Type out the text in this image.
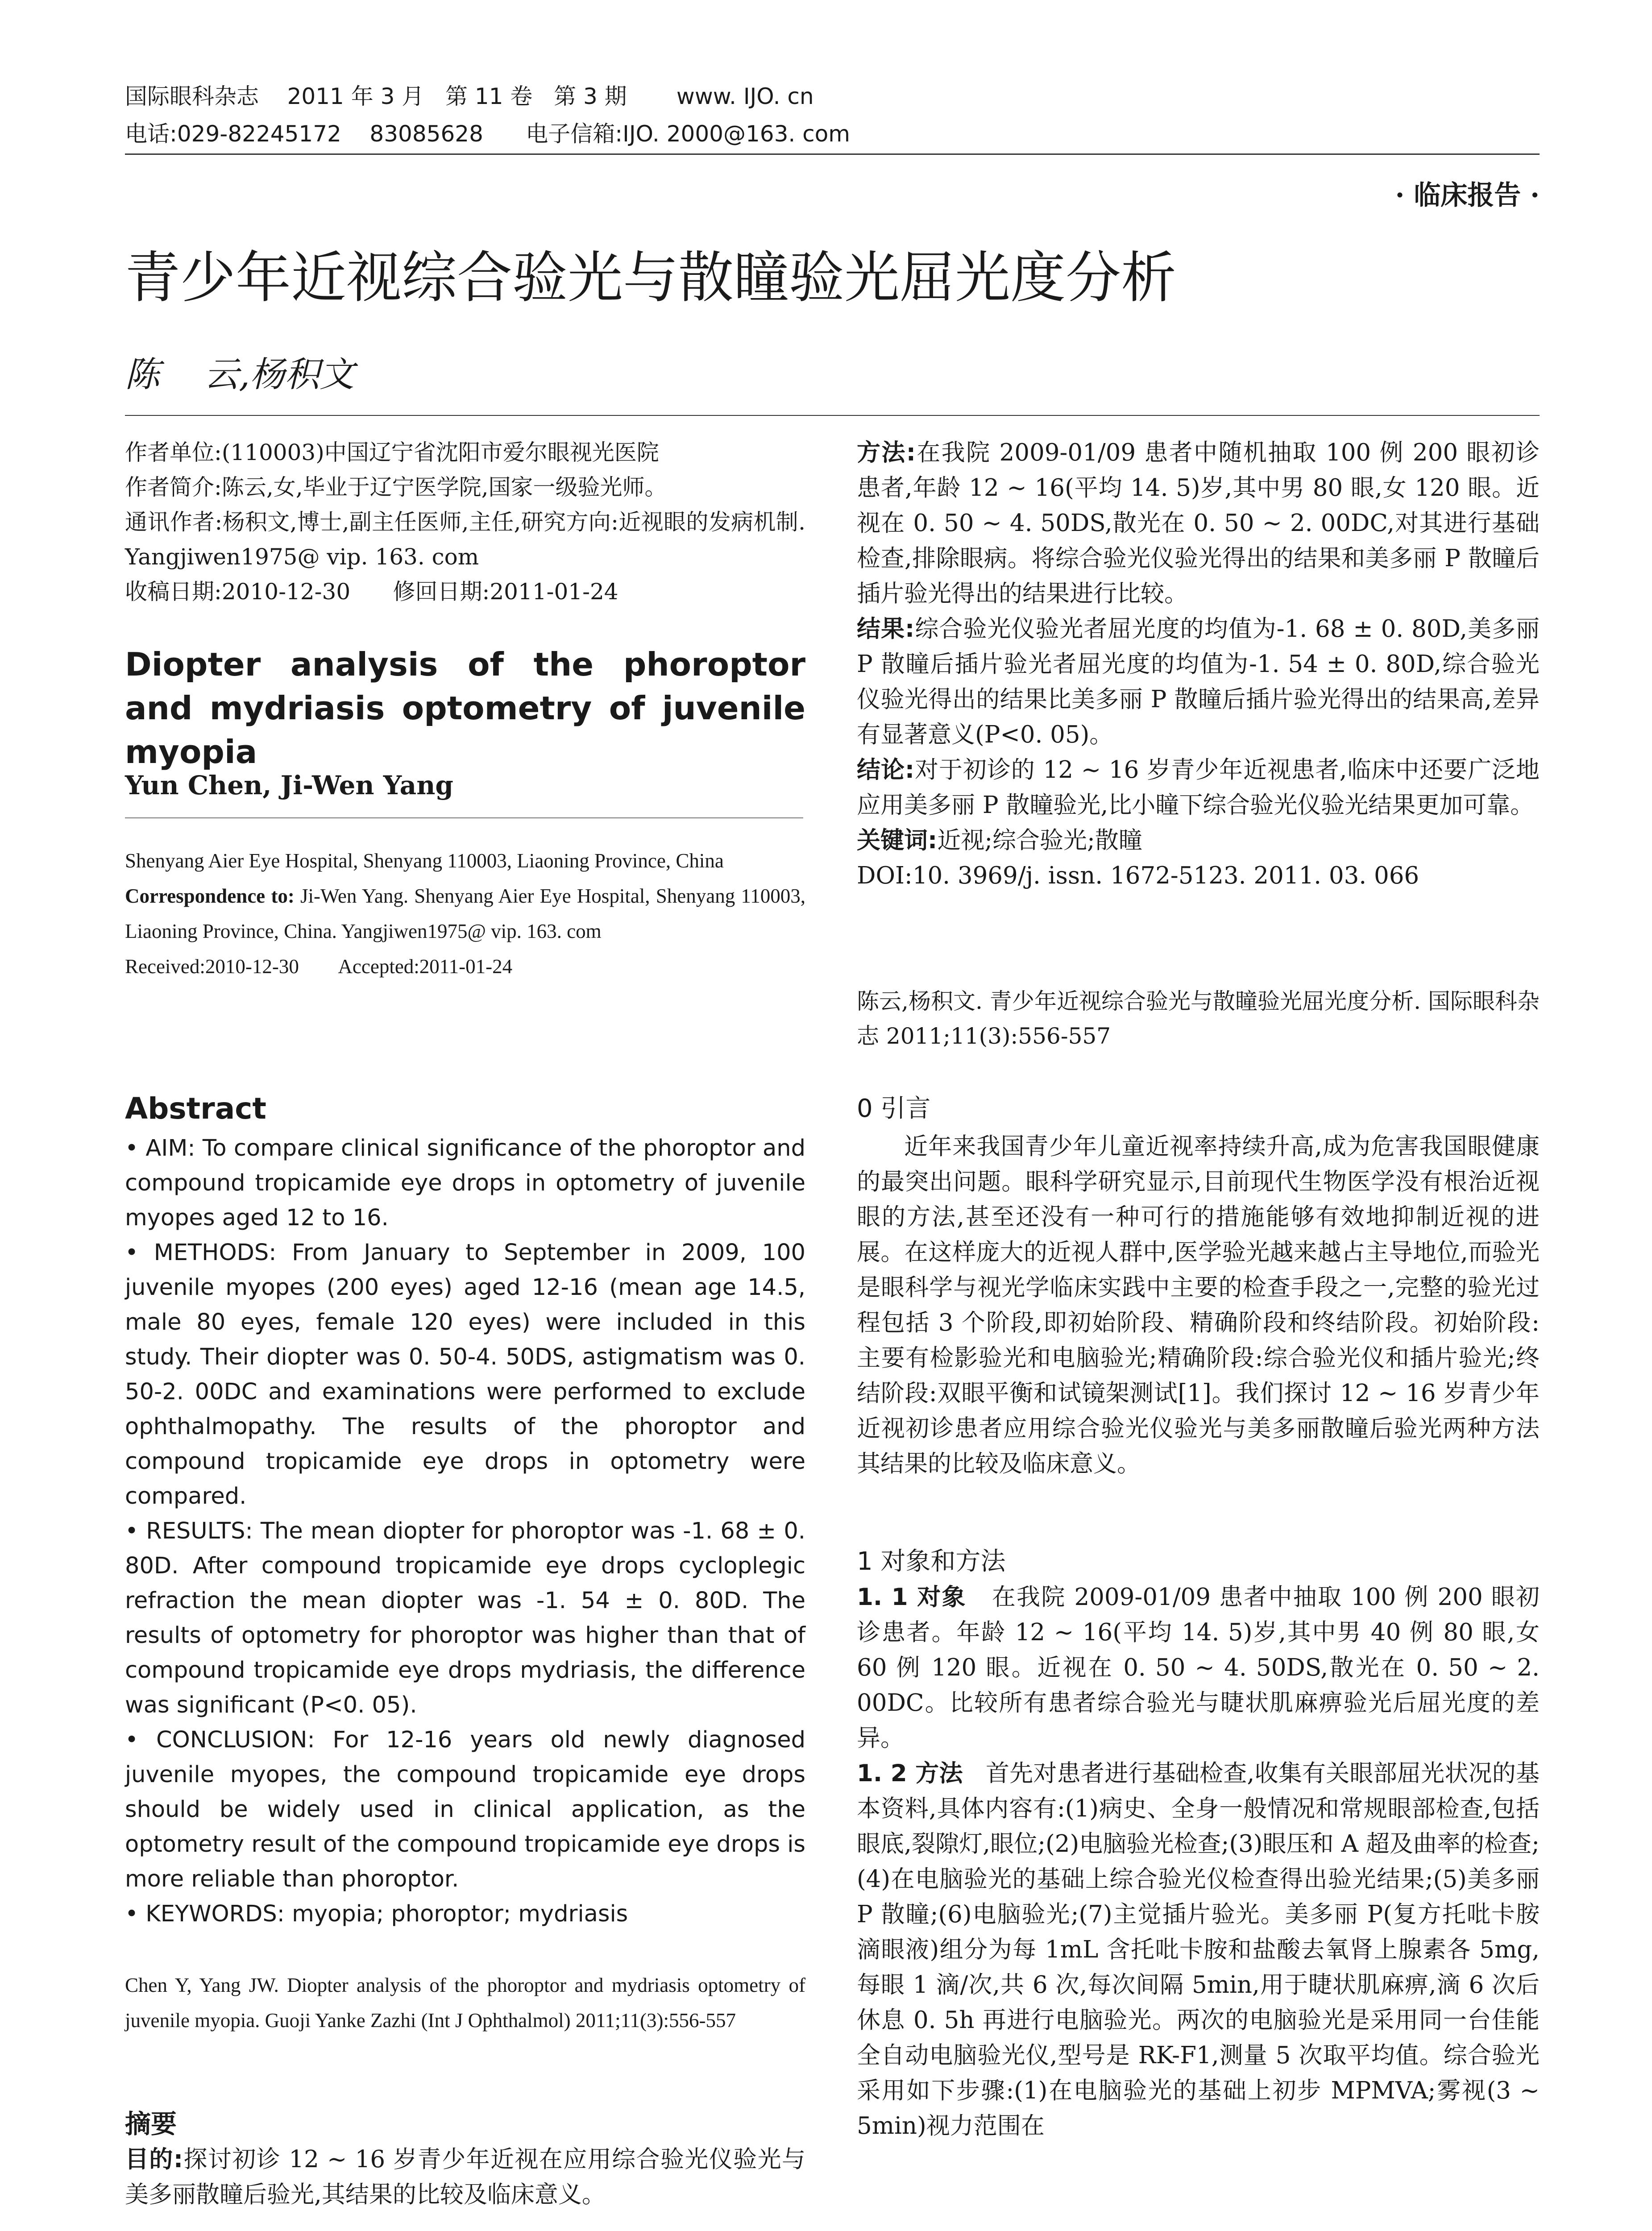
国际眼科杂志    2011 年 3 月   第 11 卷   第 3 期       www. IJO. cn
电话:029-82245172    83085628      电子信箱:IJO. 2000@163. com
· 临床报告 ·
青少年近视综合验光与散瞳验光屈光度分析
陈    云,杨积文

作者单位:(110003)中国辽宁省沈阳市爱尔眼视光医院

作者简介:陈云,女,毕业于辽宁医学院,国家一级验光师。

通讯作者:杨积文,博士,副主任医师,主任,研究方向:近视眼的发病机制. Yangjiwen1975@ vip. 163. com

收稿日期:2010-12-30      修回日期:2011-01-24

Diopter analysis of the phoroptor and mydriasis optometry of juvenile myopia
Yun Chen, Ji-Wen Yang

Shenyang Aier Eye Hospital, Shenyang 110003, Liaoning Province, China

Correspondence to: Ji-Wen Yang. Shenyang Aier Eye Hospital, Shenyang 110003, Liaoning Province, China. Yangjiwen1975@ vip. 163. com

Received:2010-12-30        Accepted:2011-01-24

Abstract

• AIM: To compare clinical significance of the phoroptor and compound tropicamide eye drops in optometry of juvenile myopes aged 12 to 16.

• METHODS: From January to September in 2009, 100 juvenile myopes (200 eyes) aged 12-16 (mean age 14.5, male 80 eyes, female 120 eyes) were included in this study. Their diopter was 0. 50-4. 50DS, astigmatism was 0. 50-2. 00DC and examinations were performed to exclude ophthalmopathy. The results of the phoroptor and compound tropicamide eye drops in optometry were compared.

• RESULTS: The mean diopter for phoroptor was -1. 68 ± 0. 80D. After compound tropicamide eye drops cycloplegic refraction the mean diopter was -1. 54 ± 0. 80D. The results of optometry for phoroptor was higher than that of compound tropicamide eye drops mydriasis, the difference was significant (P<0. 05).

• CONCLUSION: For 12-16 years old newly diagnosed juvenile myopes, the compound tropicamide eye drops should be widely used in clinical application, as the optometry result of the compound tropicamide eye drops is more reliable than phoroptor.

• KEYWORDS: myopia; phoroptor; mydriasis

Chen Y, Yang JW. Diopter analysis of the phoroptor and mydriasis optometry of juvenile myopia. Guoji Yanke Zazhi (Int J Ophthalmol) 2011;11(3):556-557
摘要

目的:探讨初诊 12 ~ 16 岁青少年近视在应用综合验光仪验光与美多丽散瞳后验光,其结果的比较及临床意义。

方法:在我院 2009-01/09 患者中随机抽取 100 例 200 眼初诊患者,年龄 12 ~ 16(平均 14. 5)岁,其中男 80 眼,女 120 眼。近视在 0. 50 ~ 4. 50DS,散光在 0. 50 ~ 2. 00DC,对其进行基础检查,排除眼病。将综合验光仪验光得出的结果和美多丽 P 散瞳后插片验光得出的结果进行比较。

结果:综合验光仪验光者屈光度的均值为-1. 68 ± 0. 80D,美多丽 P 散瞳后插片验光者屈光度的均值为-1. 54 ± 0. 80D,综合验光仪验光得出的结果比美多丽 P 散瞳后插片验光得出的结果高,差异有显著意义(P<0. 05)。

结论:对于初诊的 12 ~ 16 岁青少年近视患者,临床中还要广泛地应用美多丽 P 散瞳验光,比小瞳下综合验光仪验光结果更加可靠。

关键词:近视;综合验光;散瞳

DOI:10. 3969/j. issn. 1672-5123. 2011. 03. 066

陈云,杨积文. 青少年近视综合验光与散瞳验光屈光度分析. 国际眼科杂志 2011;11(3):556-557
0 引言
近年来我国青少年儿童近视率持续升高,成为危害我国眼健康的最突出问题。眼科学研究显示,目前现代生物医学没有根治近视眼的方法,甚至还没有一种可行的措施能够有效地抑制近视的进展。在这样庞大的近视人群中,医学验光越来越占主导地位,而验光是眼科学与视光学临床实践中主要的检查手段之一,完整的验光过程包括 3 个阶段,即初始阶段、精确阶段和终结阶段。初始阶段:主要有检影验光和电脑验光;精确阶段:综合验光仪和插片验光;终结阶段:双眼平衡和试镜架测试[1]。我们探讨 12 ~ 16 岁青少年近视初诊患者应用综合验光仪验光与美多丽散瞳后验光两种方法其结果的比较及临床意义。
1 对象和方法

1. 1 对象 在我院 2009-01/09 患者中抽取 100 例 200 眼初诊患者。年龄 12 ~ 16(平均 14. 5)岁,其中男 40 例 80 眼,女 60 例 120 眼。近视在 0. 50 ~ 4. 50DS,散光在 0. 50 ~ 2. 00DC。比较所有患者综合验光与睫状肌麻痹验光后屈光度的差异。

1. 2 方法 首先对患者进行基础检查,收集有关眼部屈光状况的基本资料,具体内容有:(1)病史、全身一般情况和常规眼部检查,包括眼底,裂隙灯,眼位;(2)电脑验光检查;(3)眼压和 A 超及曲率的检查;(4)在电脑验光的基础上综合验光仪检查得出验光结果;(5)美多丽 P 散瞳;(6)电脑验光;(7)主觉插片验光。美多丽 P(复方托吡卡胺滴眼液)组分为每 1mL 含托吡卡胺和盐酸去氧肾上腺素各 5mg,每眼 1 滴/次,共 6 次,每次间隔 5min,用于睫状肌麻痹,滴 6 次后休息 0. 5h 再进行电脑验光。两次的电脑验光是采用同一台佳能全自动电脑验光仪,型号是 RK-F1,测量 5 次取平均值。综合验光采用如下步骤:(1)在电脑验光的基础上初步 MPMVA;雾视(3 ~ 5min)视力范围在
